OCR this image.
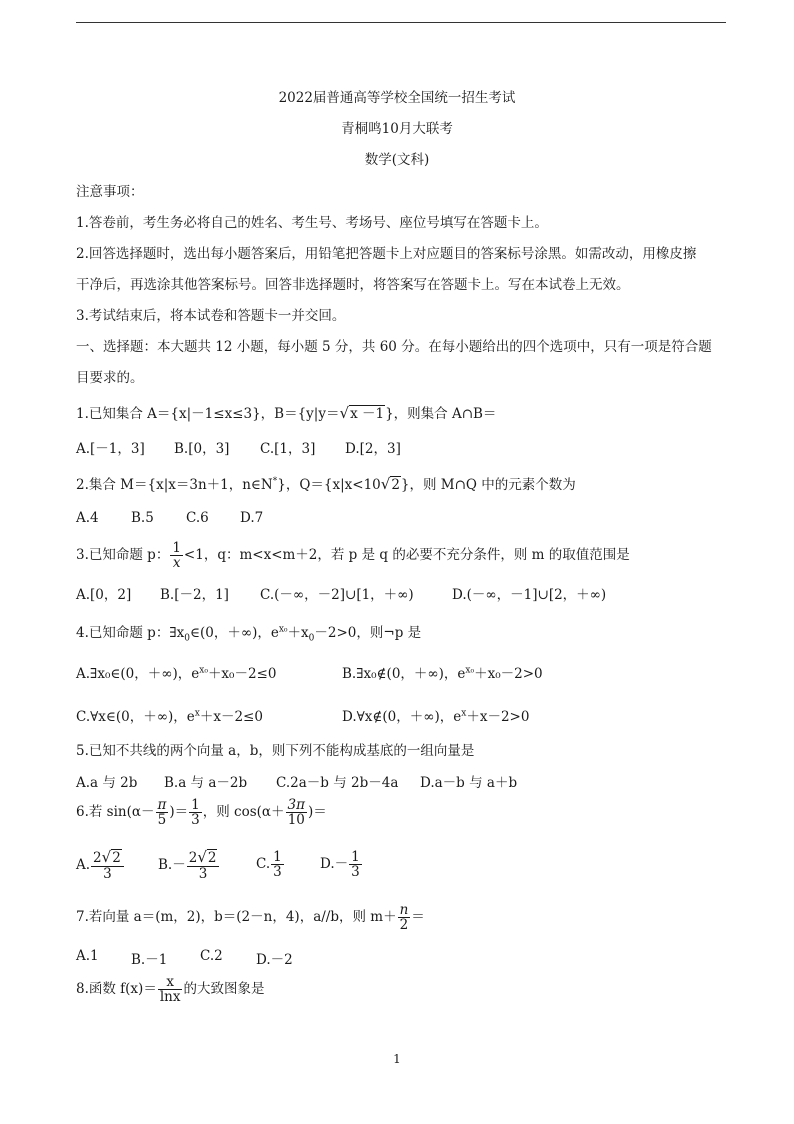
2022届普通高等学校全国统一招生考试
青桐鸣10月大联考
数学(文科)
注意事项：
1.答卷前，考生务必将自己的姓名、考生号、考场号、座位号填写在答题卡上。
2.回答选择题时，选出每小题答案后，用铅笔把答题卡上对应题目的答案标号涂黑。如需改动，用橡皮擦
干净后，再选涂其他答案标号。回答非选择题时，将答案写在答题卡上。写在本试卷上无效。
3.考试结束后，将本试卷和答题卡一并交回。
一、选择题：本大题共 12 小题，每小题 5 分，共 60 分。在每小题给出的四个选项中，只有一项是符合题
目要求的。
1.已知集合 A＝{x|－1≤x≤3}，B＝{y|y＝√x －1}，则集合 A∩B＝
A.[－1，3] B.[0，3] C.[1，3] D.[2，3]
2.集合 M＝{x|x＝3n＋1，n∈N*}，Q＝{x|x<10√2}，则 M∩Q 中的元素个数为
A.4 B.5 C.6 D.7
3.已知命题 p： $\frac{1}{x} <1$，q：m<x<m＋2，若 p 是 q 的必要不充分条件，则 m 的取值范围是
A.[0，2] B.[－2，1] C.(－∞，－2]∪[1，＋∞)	D.(－∞，－1]∪[2，＋∞)
4.已知命题 p：$\exists x_0\in(0$，＋∞)，$e^{x_0}+x_0-2>0$，则¬p 是
A.∃x₀∈(0，＋∞)，$e^{x_0}+x_0-2\le 0$	B.∃x₀∉(0，＋∞)，$e^{x_0}+x_0-2>0$
C.∀x∈(0，＋∞)，$e^x+x-2\le 0$	D.∀x∉(0，＋∞)，$e^x+x-2>0$
5.已知不共线的两个向量 a，b，则下列不能构成基底的一组向量是
A.a 与 2b B.a 与 a－2b C.2a－b 与 2b－4a D.a－b 与 a＋b
6.若 $\sin(\alpha- \frac{\pi}{5}$ )＝ $\frac{1}{3}$ ，则 $\cos(\alpha+ \frac{3\pi}{10}$ )＝
A. $\frac{2√2}{3}$	$B.- \frac{2√2}{3}$	C. $\frac{1}{3}$	$D.- \frac{1}{3}$
7.若向量 a＝(m，2)，b＝(2－n，4)，a//b，则 $m+ \frac{n}{2}$ ＝
A.1 B.－1 C.2 D.－2
8.函数 $f(x)= \frac{x}{\ln x}$ 的大致图象是
1
